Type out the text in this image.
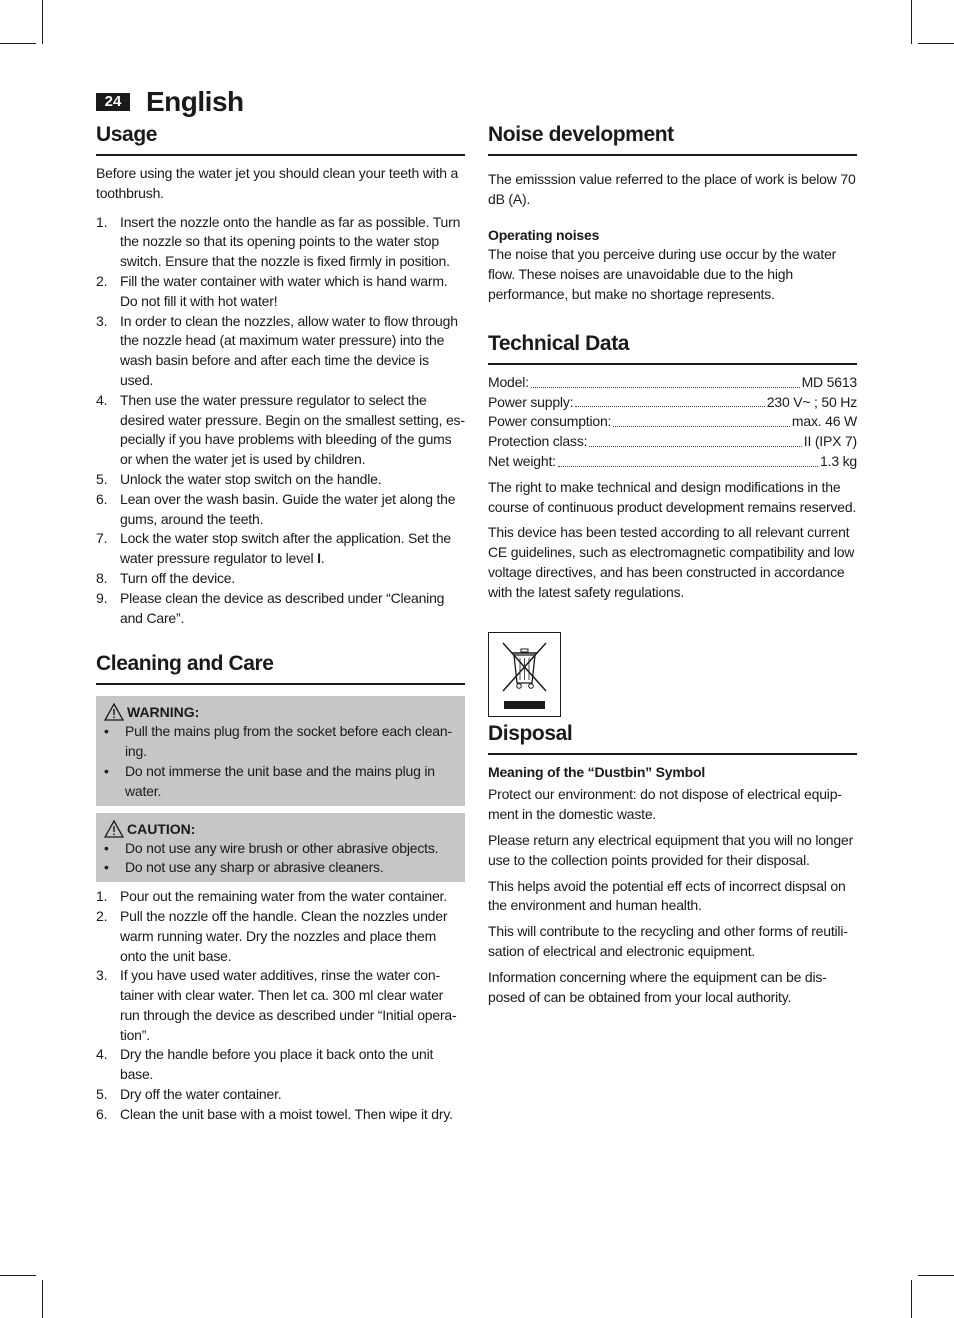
24 English
Usage

Before using the water jet you should clean your teeth with a toothbrush.

1. Insert the nozzle onto the handle as far as possible. Turn the nozzle so that its opening points to the water stop switch. Ensure that the nozzle is fixed firmly in position.
2. Fill the water container with water which is hand warm. Do not fill it with hot water!
3. In order to clean the nozzles, allow water to flow through the nozzle head (at maximum water pressure) into the wash basin before and after each time the device is used.
4. Then use the water pressure regulator to select the desired water pressure. Begin on the smallest setting, es-pecially if you have problems with bleeding of the gums or when the water jet is used by children.
5. Unlock the water stop switch on the handle.
6. Lean over the wash basin. Guide the water jet along the gums, around the teeth.
7. Lock the water stop switch after the application. Set the water pressure regulator to level I.
8. Turn off the device.
9. Please clean the device as described under “Cleaning and Care”.
Cleaning and Care
WARNING:
• Pull the mains plug from the socket before each clean-ing.
• Do not immerse the unit base and the mains plug in water.
CAUTION:
• Do not use any wire brush or other abrasive objects.
• Do not use any sharp or abrasive cleaners.
1. Pour out the remaining water from the water container.
2. Pull the nozzle off the handle. Clean the nozzles under warm running water. Dry the nozzles and place them onto the unit base.
3. If you have used water additives, rinse the water con-tainer with clear water. Then let ca. 300 ml clear water run through the device as described under “Initial opera-tion”.
4. Dry the handle before you place it back onto the unit base.
5. Dry off the water container.
6. Clean the unit base with a moist towel. Then wipe it dry.
Noise development

The emisssion value referred to the place of work is below 70 dB (A).

Operating noises

The noise that you perceive during use occur by the water flow. These noises are unavoidable due to the high performance, but make no shortage represents.

Technical Data
Model:	MD 5613
Power supply:	230 V~ ; 50 Hz
Power consumption:	max. 46 W
Protection class:	II (IPX 7)
Net weight:	1.3 kg

The right to make technical and design modifications in the course of continuous product development remains reserved.

This device has been tested according to all relevant current CE guidelines, such as electromagnetic compatibility and low voltage directives, and has been constructed in accordance with the latest safety regulations.

Disposal
Meaning of the “Dustbin” Symbol

Protect our environment: do not dispose of electrical equip-ment in the domestic waste.

Please return any electrical equipment that you will no longer use to the collection points provided for their disposal.

This helps avoid the potential eff ects of incorrect dispsal on the environment and human health.

This will contribute to the recycling and other forms of reutili-sation of electrical and electronic equipment.

Information concerning where the equipment can be dis-posed of can be obtained from your local authority.
